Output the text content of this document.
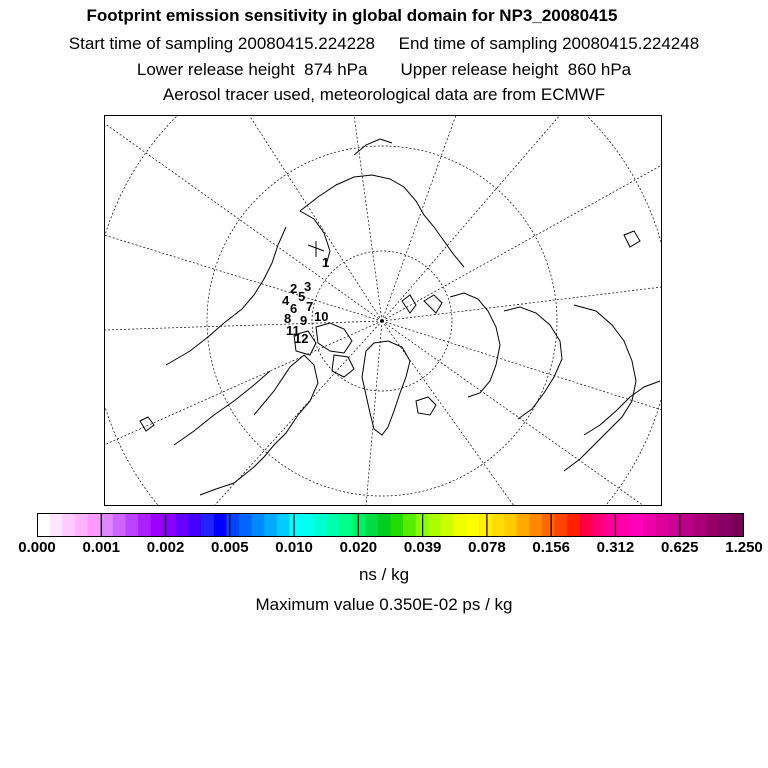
Footprint emission sensitivity in global domain for NP3_20080415
Start time of sampling 20080415.224228     End time of sampling 20080415.224248
Lower release height  874 hPa       Upper release height  860 hPa
Aerosol tracer used, meteorological data are from ECMWF
1
2 3
4 5
6 7
8 9 10
11
12
0.000 0.001 0.002 0.005 0.010 0.020 0.039 0.078 0.156 0.312 0.625 1.250
ns / kg
Maximum value 0.350E-02 ps / kg
